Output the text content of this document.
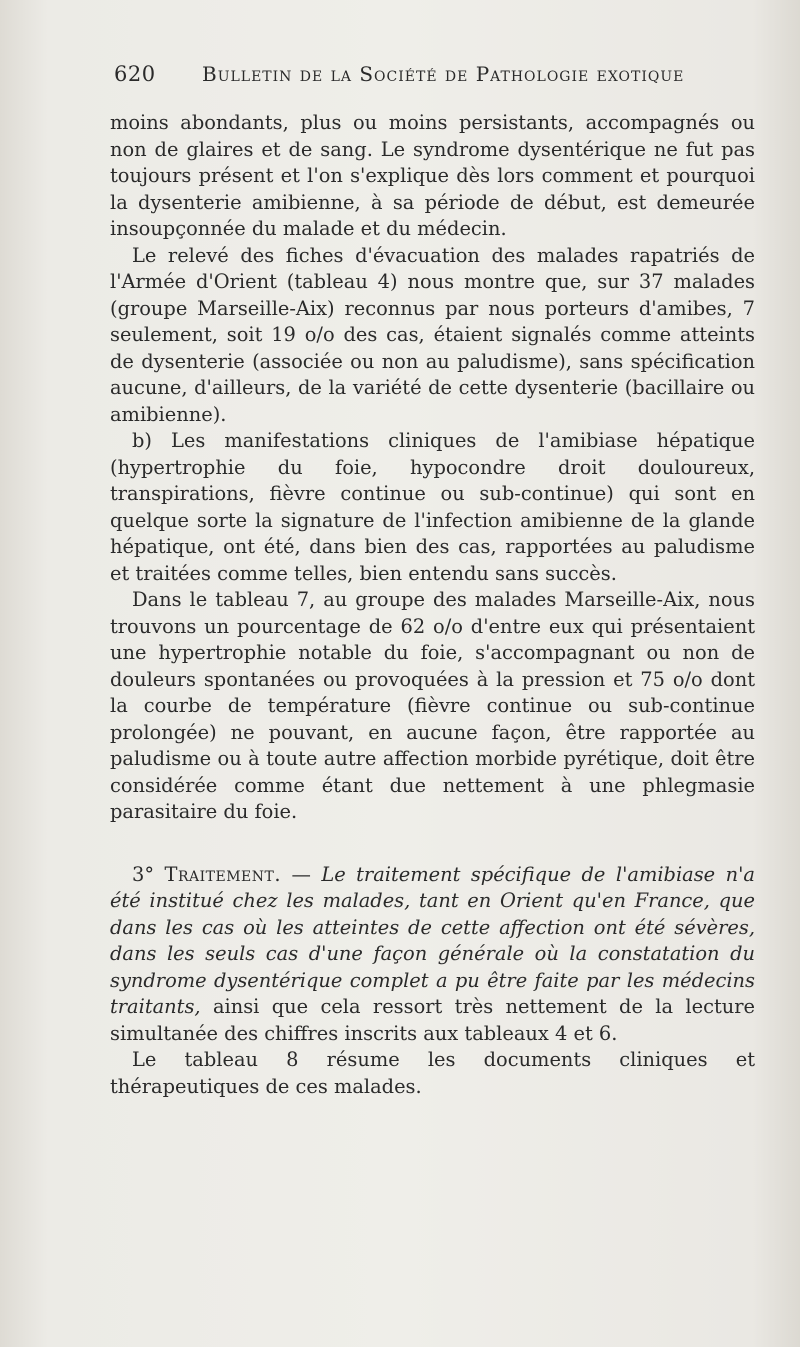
620 Bulletin de la Société de Pathologie exotique

moins abondants, plus ou moins persistants, accompagnés ou non de glaires et de sang. Le syndrome dysentérique ne fut pas toujours présent et l'on s'explique dès lors comment et pourquoi la dysenterie amibienne, à sa période de début, est demeurée insoupçonnée du malade et du médecin.

Le relevé des fiches d'évacuation des malades rapatriés de l'Armée d'Orient (tableau 4) nous montre que, sur 37 malades (groupe Marseille-Aix) reconnus par nous porteurs d'amibes, 7 seulement, soit 19 o/o des cas, étaient signalés comme atteints de dysenterie (associée ou non au paludisme), sans spécification aucune, d'ailleurs, de la variété de cette dysenterie (bacillaire ou amibienne).

b) Les manifestations cliniques de l'amibiase hépatique (hypertrophie du foie, hypocondre droit douloureux, transpirations, fièvre continue ou sub-continue) qui sont en quelque sorte la signature de l'infection amibienne de la glande hépatique, ont été, dans bien des cas, rapportées au paludisme et traitées comme telles, bien entendu sans succès.

Dans le tableau 7, au groupe des malades Marseille-Aix, nous trouvons un pourcentage de 62 o/o d'entre eux qui présentaient une hypertrophie notable du foie, s'accompagnant ou non de douleurs spontanées ou provoquées à la pression et 75 o/o dont la courbe de température (fièvre continue ou sub-continue prolongée) ne pouvant, en aucune façon, être rapportée au paludisme ou à toute autre affection morbide pyrétique, doit être considérée comme étant due nettement à une phlegmasie parasitaire du foie.

3° Traitement. — Le traitement spécifique de l'amibiase n'a été institué chez les malades, tant en Orient qu'en France, que dans les cas où les atteintes de cette affection ont été sévères, dans les seuls cas d'une façon générale où la constatation du syndrome dysentérique complet a pu être faite par les médecins traitants, ainsi que cela ressort très nettement de la lecture simultanée des chiffres inscrits aux tableaux 4 et 6.

Le tableau 8 résume les documents cliniques et thérapeutiques de ces malades.
